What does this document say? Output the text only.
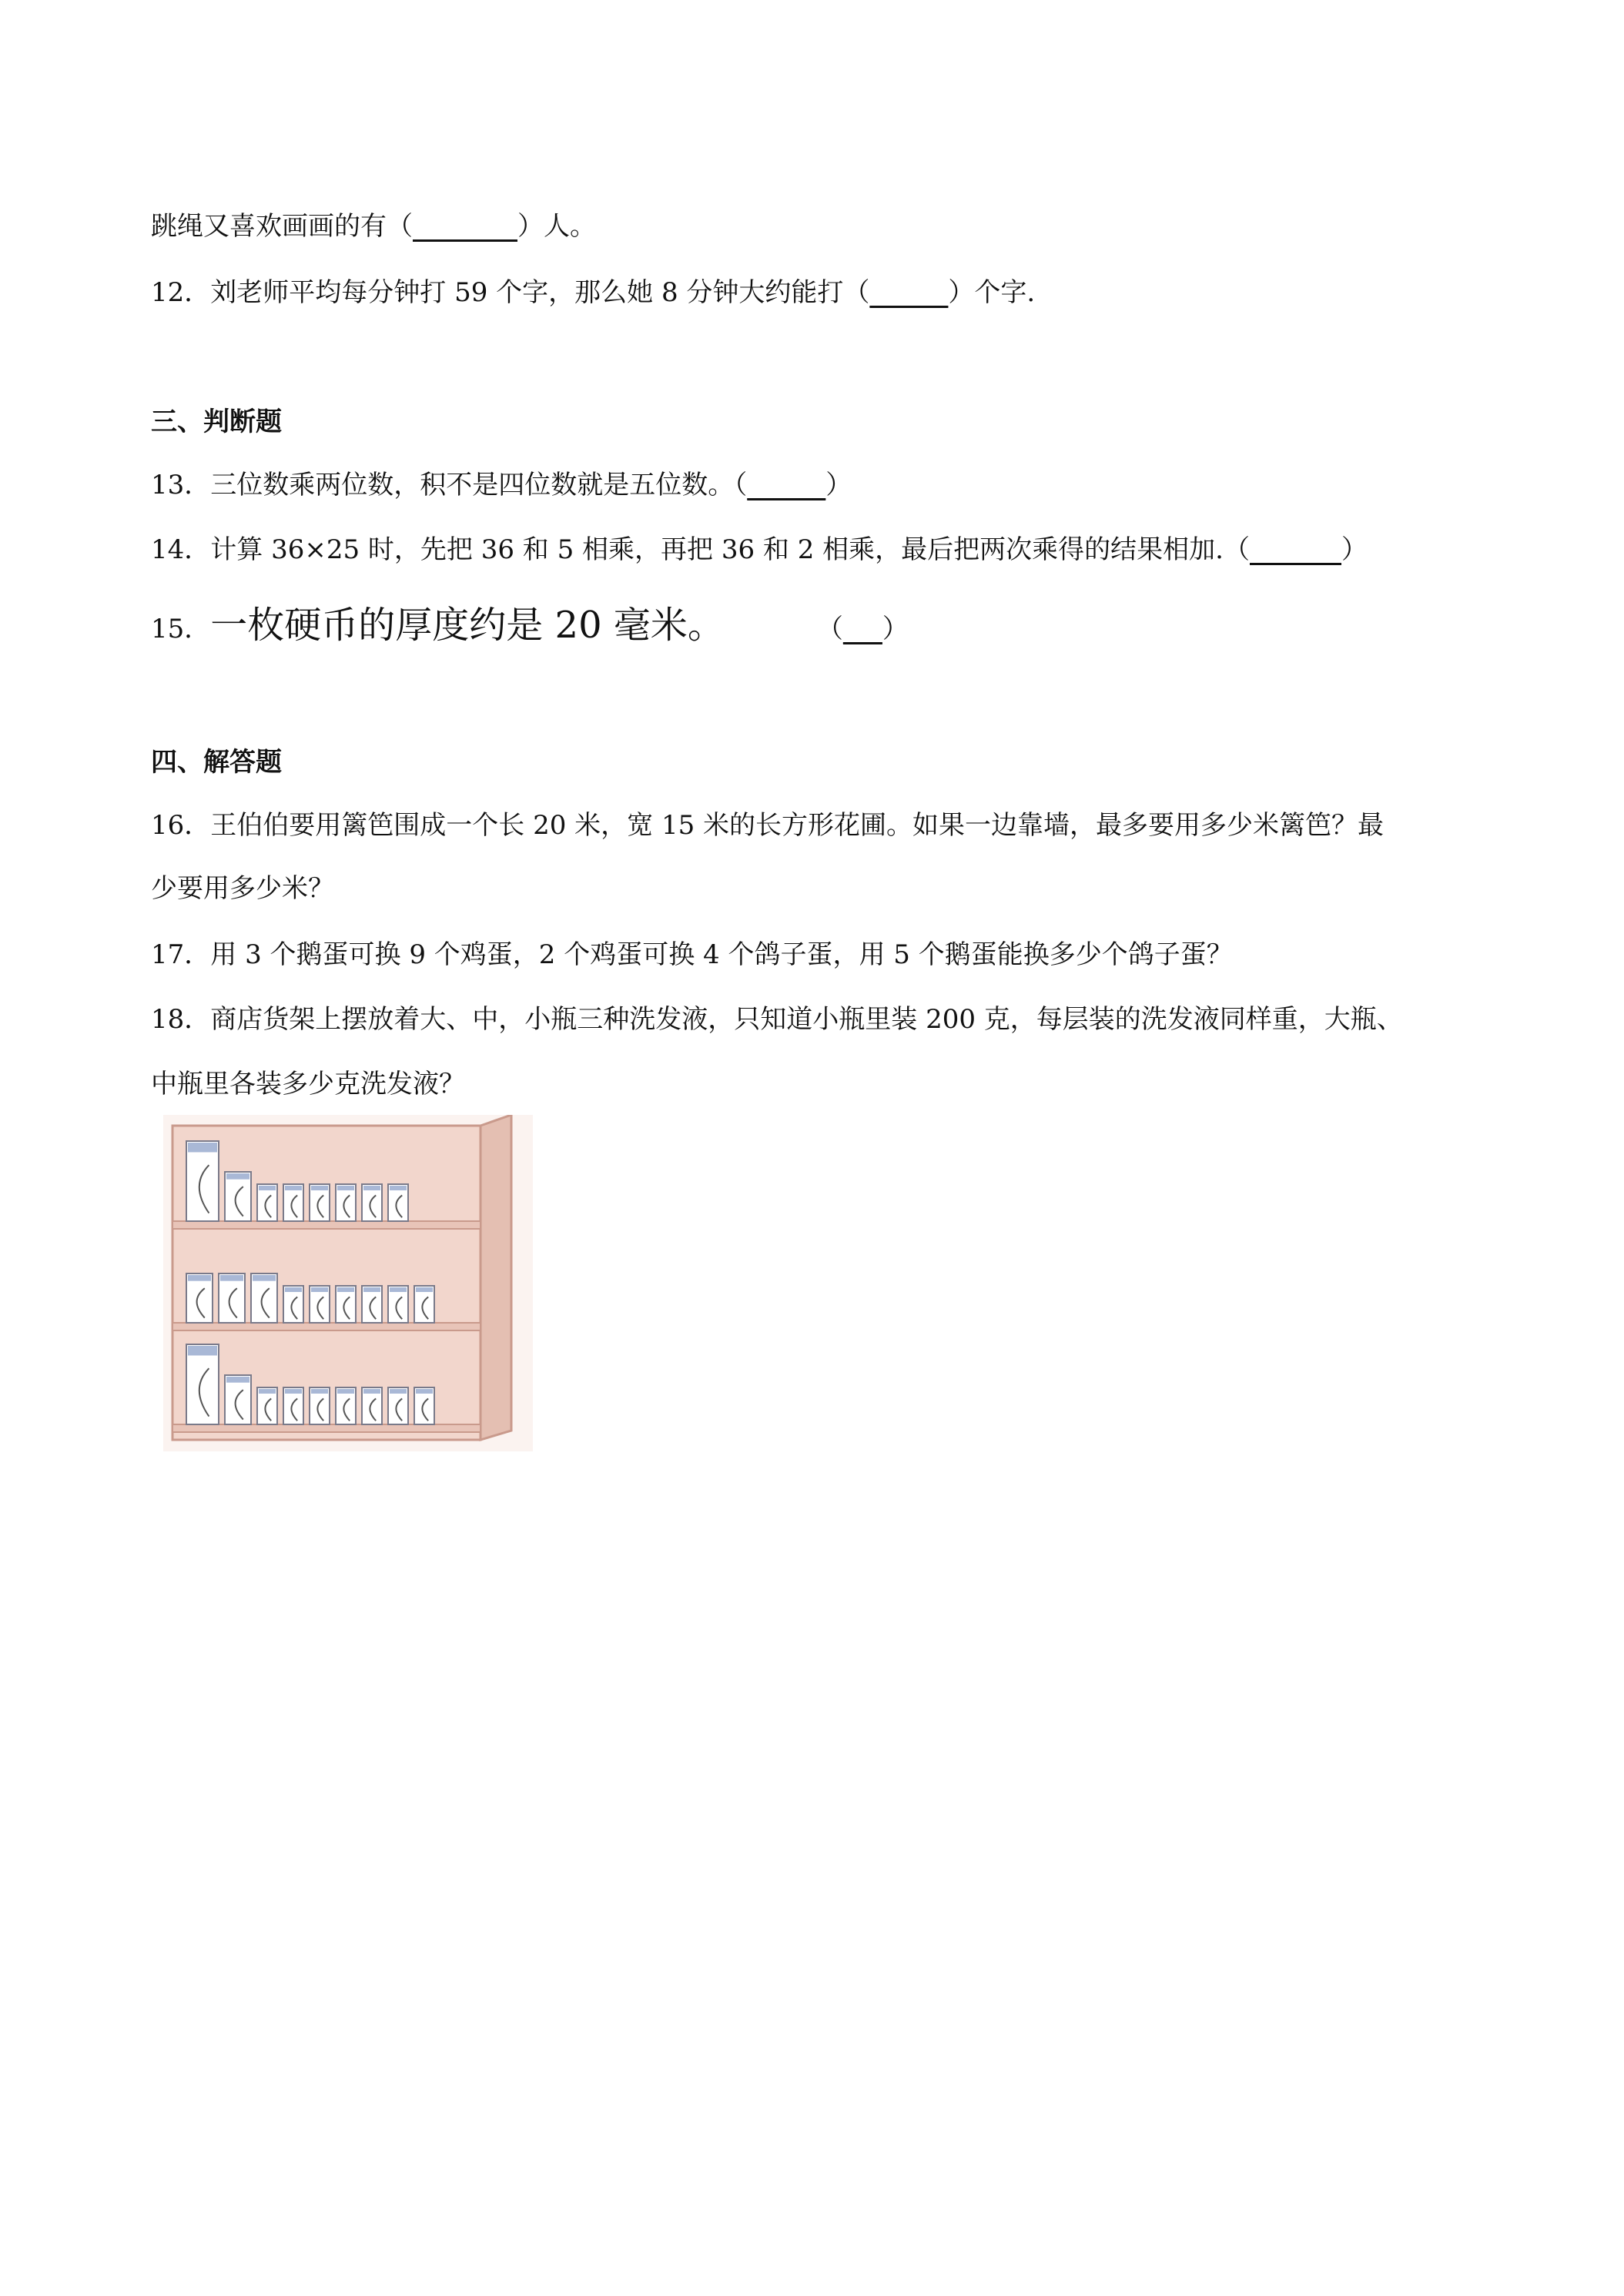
跳绳又喜欢画画的有（________）人。
12．刘老师平均每分钟打 59 个字，那么她 8 分钟大约能打（______）个字.
三、判断题
13．三位数乘两位数，积不是四位数就是五位数。（______）
14．计算 36×25 时，先把 36 和 5 相乘，再把 36 和 2 相乘，最后把两次乘得的结果相加.（_______）
15．一枚硬币的厚度约是 20 毫米。	（___）
四、解答题
16．王伯伯要用篱笆围成一个长 20 米，宽 15 米的长方形花圃。如果一边靠墙，最多要用多少米篱笆？最
少要用多少米？
17．用 3 个鹅蛋可换 9 个鸡蛋，2 个鸡蛋可换 4 个鸽子蛋，用 5 个鹅蛋能换多少个鸽子蛋？
18．商店货架上摆放着大、中，小瓶三种洗发液，只知道小瓶里装 200 克，每层装的洗发液同样重，大瓶、
中瓶里各装多少克洗发液？
